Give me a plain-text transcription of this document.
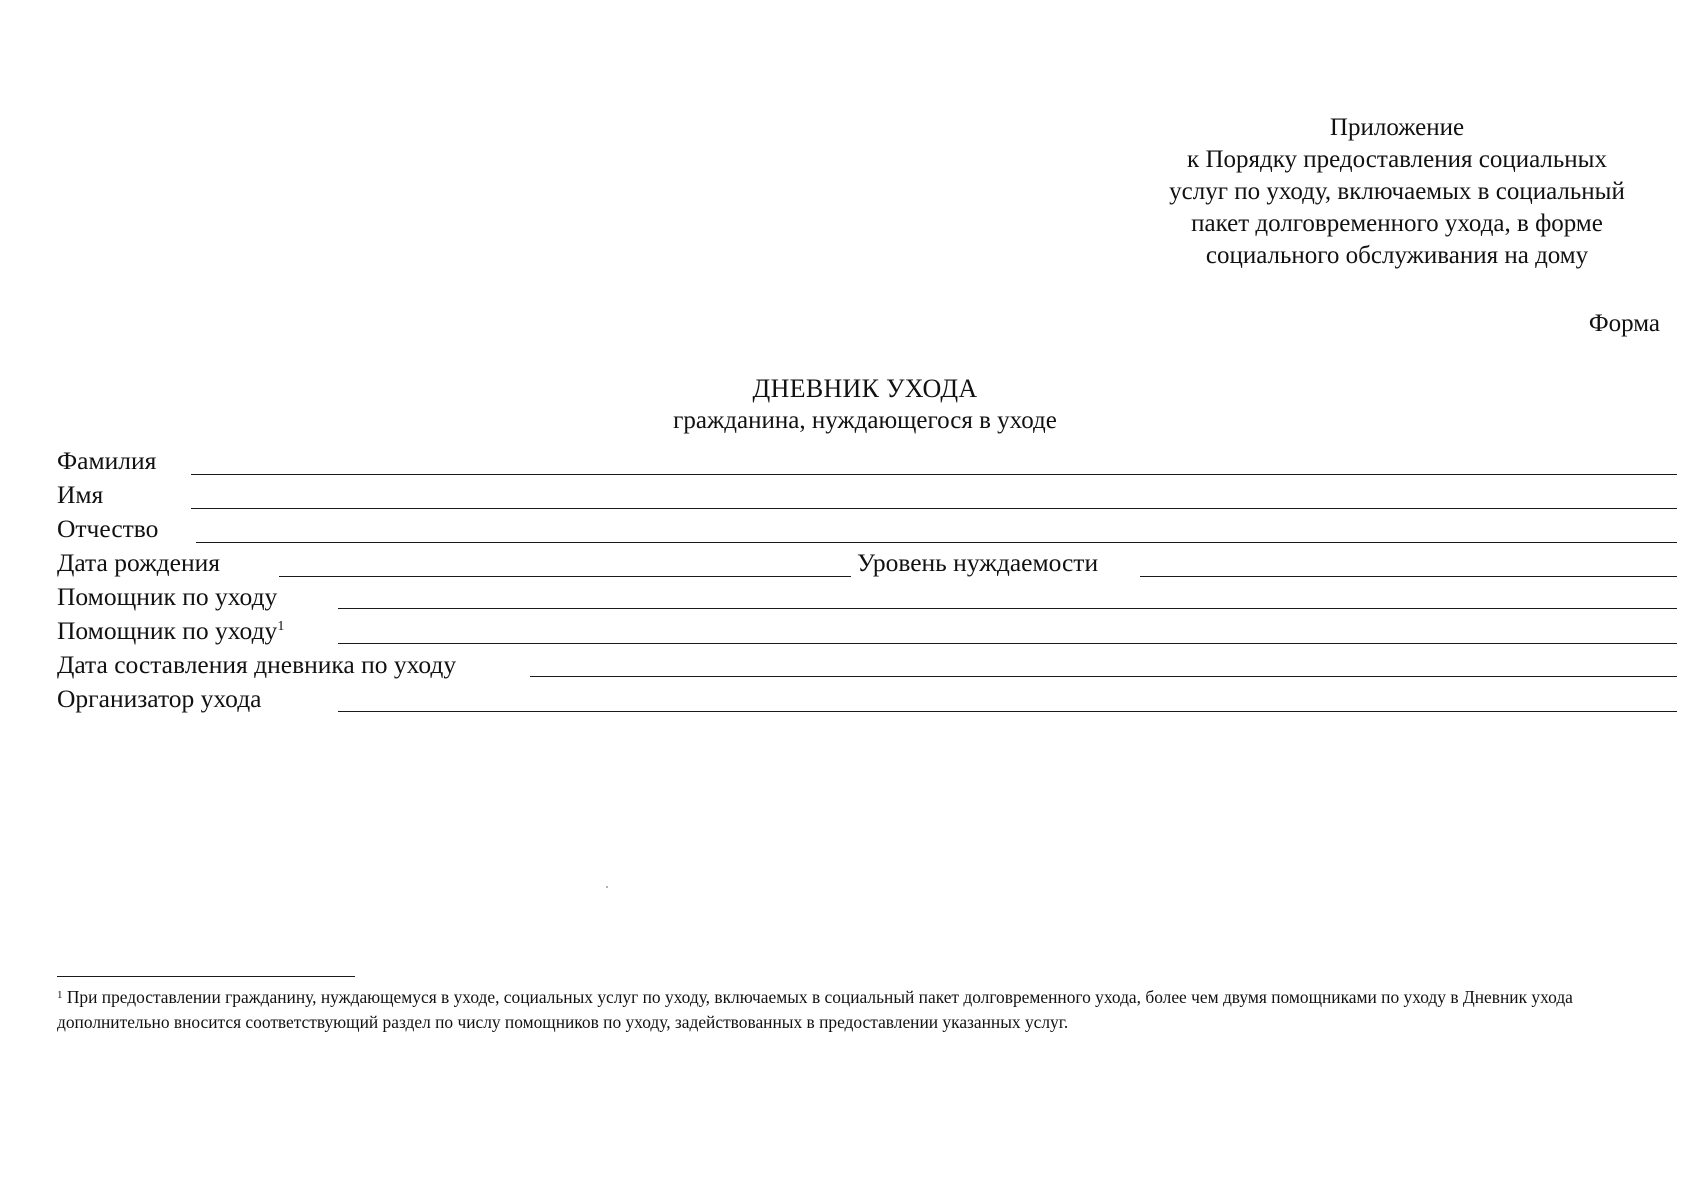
Приложение
к Порядку предоставления социальных
услуг по уходу, включаемых в социальный
пакет долговременного ухода, в форме
социального обслуживания на дому
Форма
ДНЕВНИК УХОДА
гражданина, нуждающегося в уходе
Фамилия
Имя
Отчество
Дата рождения	Уровень нуждаемости
Помощник по уходу
Помощник по уходу$^1$
Дата составления дневника по уходу
Организатор ухода
$^1$ При предоставлении гражданину, нуждающемуся в уходе, социальных услуг по уходу, включаемых в социальный пакет долговременного ухода, более чем двумя помощниками по уходу в Дневник ухода дополнительно вносится соответствующий раздел по числу помощников по уходу, задействованных в предоставлении указанных услуг.
